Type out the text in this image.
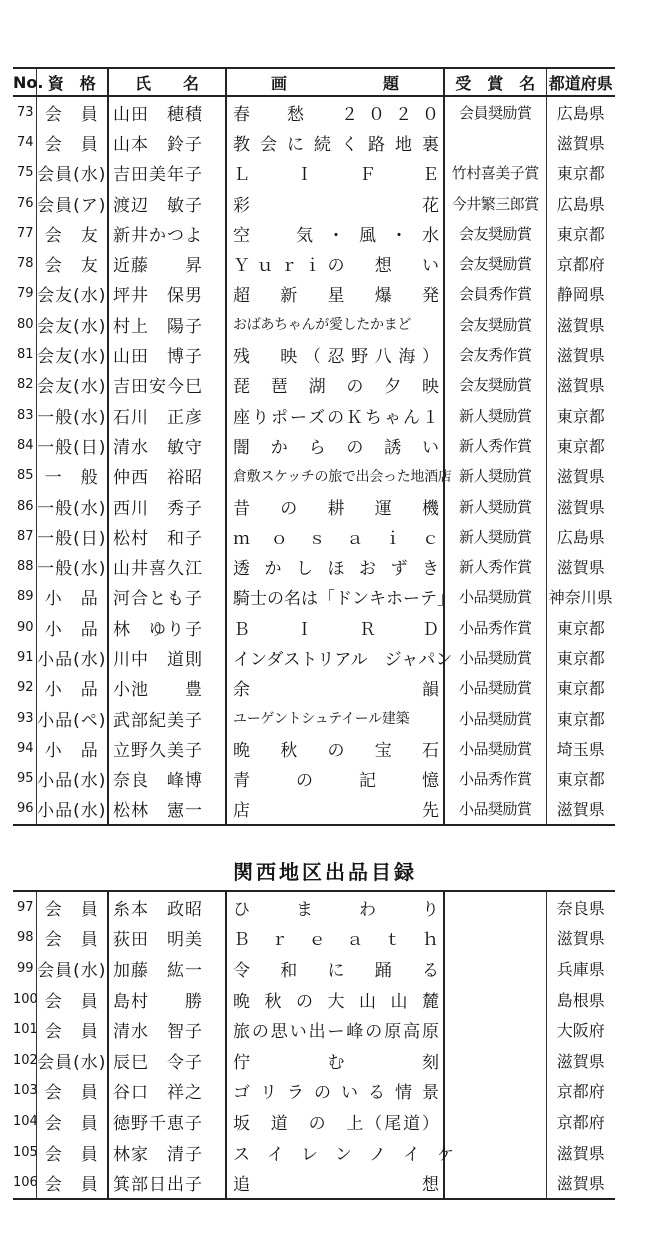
No.	資　格	氏　　名	画　　　　　　題	受　賞　名	都道府県
73	会　員	山田　穂積	春　愁　２０２０	会員奨励賞	広島県
74	会　員	山本　鈴子	教会に続く路地裏		滋賀県
75	会員(水)	吉田美年子	Ｌ　Ｉ　Ｆ　Ｅ	竹村喜美子賞	東京都
76	会員(ア)	渡辺　敏子	彩　　花	今井繁三郎賞	広島県
77	会　友	新井かつよ	空　気・風・水	会友奨励賞	東京都
78	会　友	近藤　　昇	Ｙｕｒｉの　想　い	会友奨励賞	京都府
79	会友(水)	坪井　保男	超　新　星　爆　発	会員秀作賞	静岡県
80	会友(水)	村上　陽子	おばあちゃんが愛したかまど	会友奨励賞	滋賀県
81	会友(水)	山田　博子	残　映（忍野八海）	会友秀作賞	滋賀県
82	会友(水)	吉田安今巳	琵　琶　湖　の　夕　映	会友奨励賞	滋賀県
83	一般(水)	石川　正彦	座りポーズのＫちゃん１	新人奨励賞	東京都
84	一般(日)	清水　敏守	闇　か　ら　の　誘　い	新人秀作賞	東京都
85	一　般	仲西　裕昭	倉敷スケッチの旅で出会った地酒店	新人奨励賞	滋賀県
86	一般(水)	西川　秀子	昔　の　耕　運　機	新人奨励賞	滋賀県
87	一般(日)	松村　和子	ｍ　ｏ　ｓ　ａ　ｉ　ｃ	新人奨励賞	広島県
88	一般(水)	山井喜久江	透かしほおずき	新人秀作賞	滋賀県
89	小　品	河合とも子	騎士の名は「ドンキホーテ」	小品奨励賞	神奈川県
90	小　品	林　ゆり子	Ｂ　Ｉ　Ｒ　Ｄ	小品秀作賞	東京都
91	小品(水)	川中　道則	インダストリアル　ジャパン	小品奨励賞	東京都
92	小　品	小池　　豊	余　　韻	小品奨励賞	東京都
93	小品(ペ)	武部紀美子	ユーゲントシュテイール建築	小品奨励賞	東京都
94	小　品	立野久美子	晩　秋　の　宝　石	小品奨励賞	埼玉県
95	小品(水)	奈良　峰博	青　の　記　憶	小品秀作賞	東京都
96	小品(水)	松林　憲一	店　　先	小品奨励賞	滋賀県
関西地区出品目録
97	会　員	糸本　政昭	ひ　ま　わ　り		奈良県
98	会　員	荻田　明美	Ｂ　ｒ　ｅ　ａ　ｔ　ｈ		滋賀県
99	会員(水)	加藤　紘一	令　和　に　踊　る		兵庫県
100	会　員	島村　　勝	晩秋の大山山麓		島根県
101	会　員	清水　智子	旅の思い出ー峰の原高原		大阪府
102	会員(水)	辰巳　令子	佇　む　刻		滋賀県
103	会　員	谷口　祥之	ゴリラのいる情景		京都府
104	会　員	徳野千恵子	坂　道　の　上（尾道）		京都府
105	会　員	林家　清子	ス　イ　レ　ン　ノ　イ　ケ		滋賀県
106	会　員	箕部日出子	追　　想		滋賀県
